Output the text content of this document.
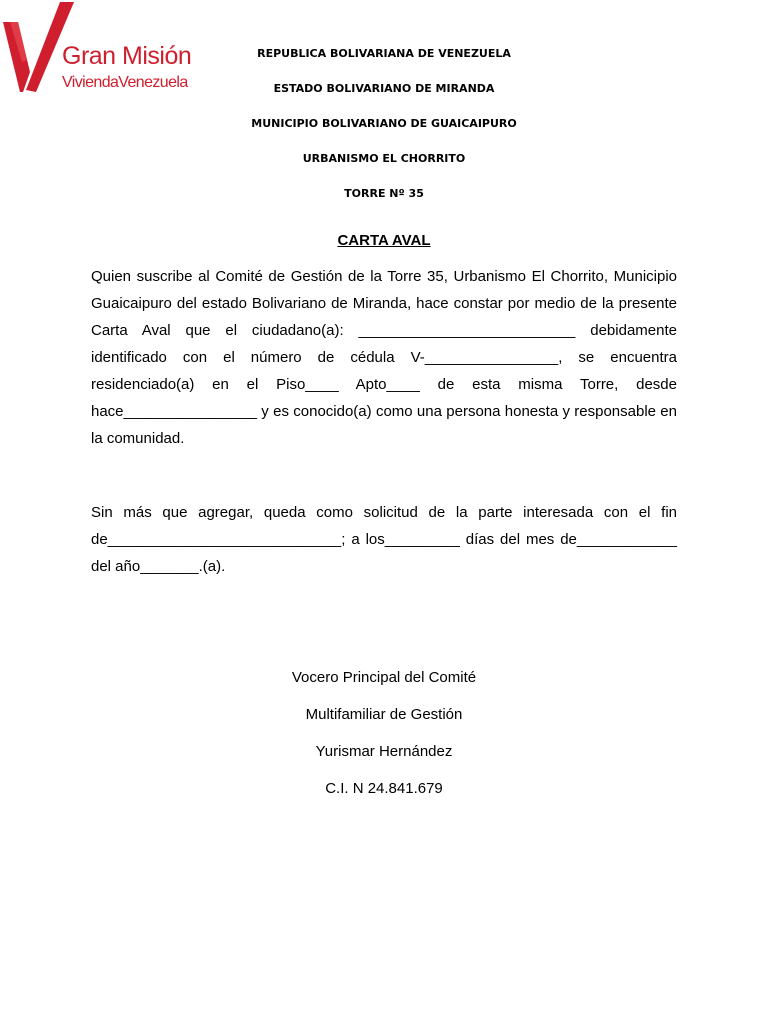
Gran Misión
ViviendaVenezuela
REPUBLICA BOLIVARIANA DE VENEZUELA
ESTADO BOLIVARIANO DE MIRANDA
MUNICIPIO BOLIVARIANO DE GUAICAIPURO
URBANISMO EL CHORRITO
TORRE Nº 35
CARTA AVAL
Quien suscribe al Comité de Gestión de la Torre 35, Urbanismo El Chorrito, Municipio
Guaicaipuro del estado Bolivariano de Miranda, hace constar por medio de la presente
Carta Aval que el ciudadano(a): __________________________ debidamente
identificado con el número de cédula V-________________, se encuentra
residenciado(a) en el Piso____ Apto____ de esta misma Torre, desde
hace________________ y es conocido(a) como una persona honesta y responsable en
la comunidad.
Sin más que agregar, queda como solicitud de la parte interesada con el fin
de____________________________; a los_________ días del mes de____________
del año_______.(a).
Vocero Principal del Comité
Multifamiliar de Gestión
Yurismar Hernández
C.I. N 24.841.679
